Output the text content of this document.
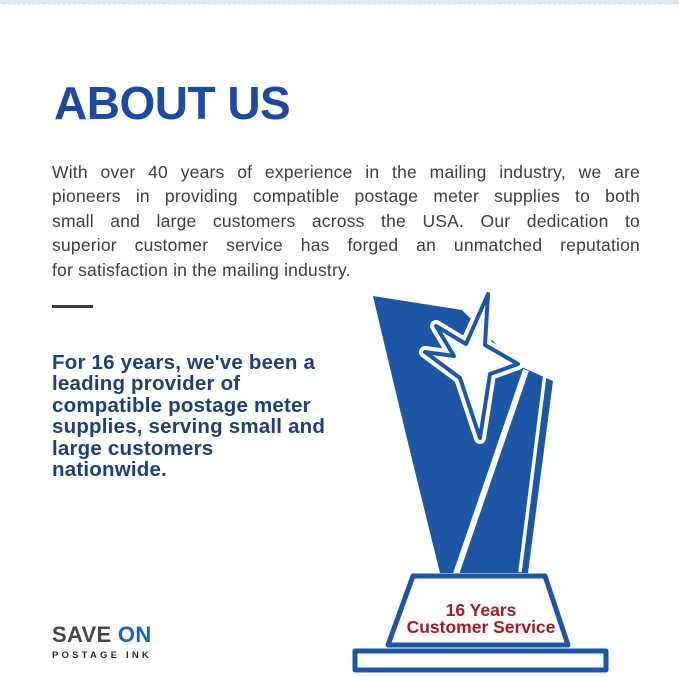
ABOUT US
With over 40 years of experience in the mailing industry, we are
pioneers in providing compatible postage meter supplies to both
small and large customers across the USA. Our dedication to
superior customer service has forged an unmatched reputation
for satisfaction in the mailing industry.
For 16 years, we've been a
leading provider of
compatible postage meter
supplies, serving small and
large customers
nationwide.
16 Years
Customer Service
SAVE ON
POSTAGE INK
